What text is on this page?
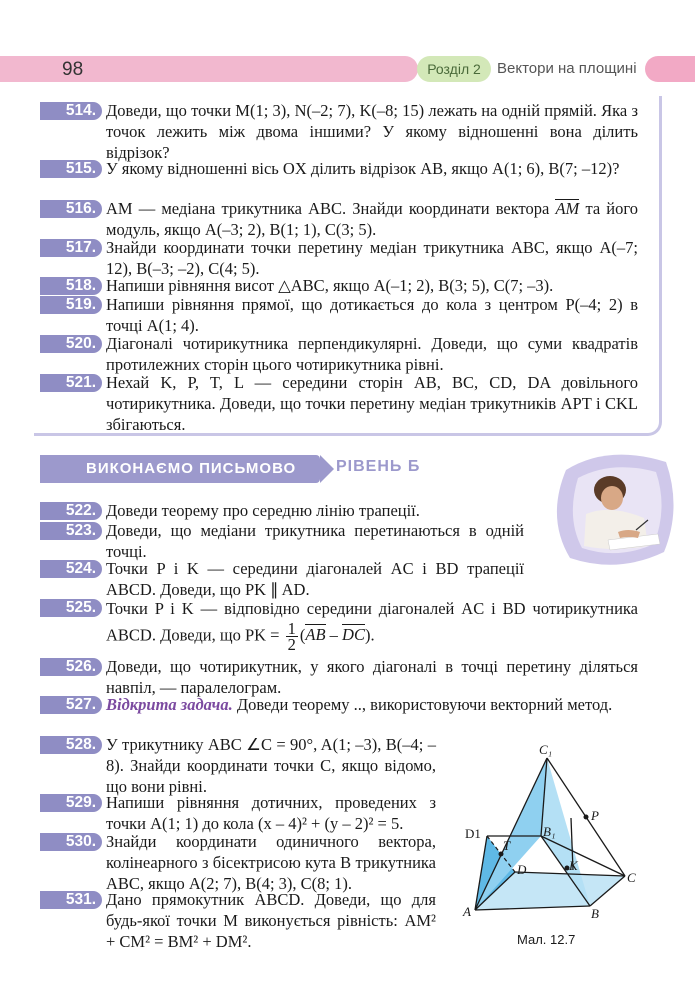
98	Розділ 2	Вектори на площині
514. Доведи, що точки M(1; 3), N(–2; 7), K(–8; 15) лежать на одній прямій. Яка з точок лежить між двома іншими? У якому відношенні вона ділить відрізок?
515. У якому відношенні вісь OX ділить відрізок AB, якщо A(1; 6), B(7; –12)?
516. AM — медіана трикутника ABC. Знайди координати вектора AM та його модуль, якщо A(–3; 2), B(1; 1), C(3; 5).
517. Знайди координати точки перетину медіан трикутника ABC, якщо A(–7; 12), B(–3; –2), C(4; 5).
518. Напиши рівняння висот △ABC, якщо A(–1; 2), B(3; 5), C(7; –3).
519. Напиши рівняння прямої, що дотикається до кола з центром P(–4; 2) в точці A(1; 4).
520. Діагоналі чотирикутника перпендикулярні. Доведи, що суми квадратів протилежних сторін цього чотирикутника рівні.
521. Нехай K, P, T, L — середини сторін AB, BC, CD, DA довільного чотирикутника. Доведи, що точки перетину медіан трикутників APT і CKL збігаються.
ВИКОНАЄМО ПИСЬМОВО	РІВЕНЬ Б
522. Доведи теорему про середню лінію трапеції.
523. Доведи, що медіани трикутника перетинаються в одній точці.
524. Точки P і K — середини діагоналей AC і BD трапеції ABCD. Доведи, що PK ∥ AD.
525. Точки P і K — відповідно середини діагоналей AC і BD чотирикутника ABCD. Доведи, що PK = $\frac{1}{2} (AB - DC)$.
526. Доведи, що чотирикутник, у якого діагоналі в точці перетину діляться навпіл, — паралелограм.
527. Відкрита задача. Доведи теорему .., використовуючи векторний метод.
528. У трикутнику ABC ∠C = 90°, A(1; –3), B(–4; –8). Знайди координати точки C, якщо відомо, що вони рівні.
529. Напиши рівняння дотичних, проведених з точки A(1; 1) до кола (x – 4)² + (y – 2)² = 5.
530. Знайди координати одиничного вектора, колінеарного з бісектрисою кута B трикутника ABC, якщо A(2; 7), B(4; 3), C(8; 1).
531. Дано прямокутник ABCD. Доведи, що для будь-якої точки M виконується рівність: AM² + CM² = BM² + DM².
C₁
P
B₁
D1
T
D	K
C
A	B
Мал. 12.7
